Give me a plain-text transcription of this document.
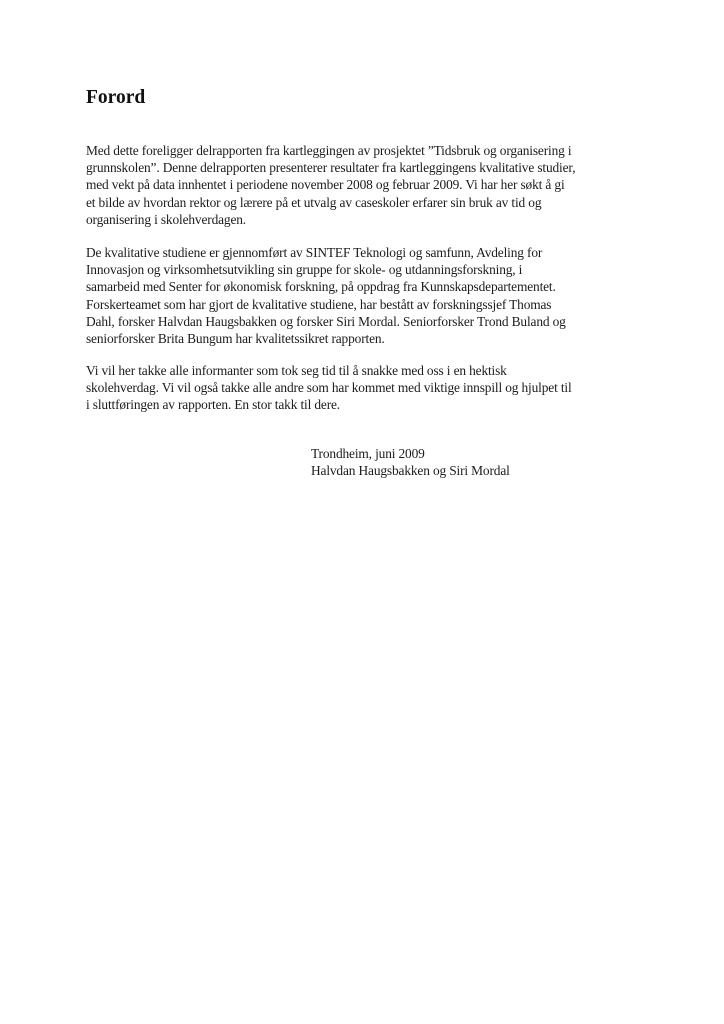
Forord

Med dette foreligger delrapporten fra kartleggingen av prosjektet ”Tidsbruk og organisering i
grunnskolen”. Denne delrapporten presenterer resultater fra kartleggingens kvalitative studier,
med vekt på data innhentet i periodene november 2008 og februar 2009. Vi har her søkt å gi
et bilde av hvordan rektor og lærere på et utvalg av caseskoler erfarer sin bruk av tid og
organisering i skolehverdagen.

De kvalitative studiene er gjennomført av SINTEF Teknologi og samfunn, Avdeling for
Innovasjon og virksomhetsutvikling sin gruppe for skole- og utdanningsforskning, i
samarbeid med Senter for økonomisk forskning, på oppdrag fra Kunnskapsdepartementet.
Forskerteamet som har gjort de kvalitative studiene, har bestått av forskningssjef Thomas
Dahl, forsker Halvdan Haugsbakken og forsker Siri Mordal. Seniorforsker Trond Buland og
seniorforsker Brita Bungum har kvalitetssikret rapporten.

Vi vil her takke alle informanter som tok seg tid til å snakke med oss i en hektisk
skolehverdag. Vi vil også takke alle andre som har kommet med viktige innspill og hjulpet til
i sluttføringen av rapporten. En stor takk til dere.

Trondheim, juni 2009
Halvdan Haugsbakken og Siri Mordal
